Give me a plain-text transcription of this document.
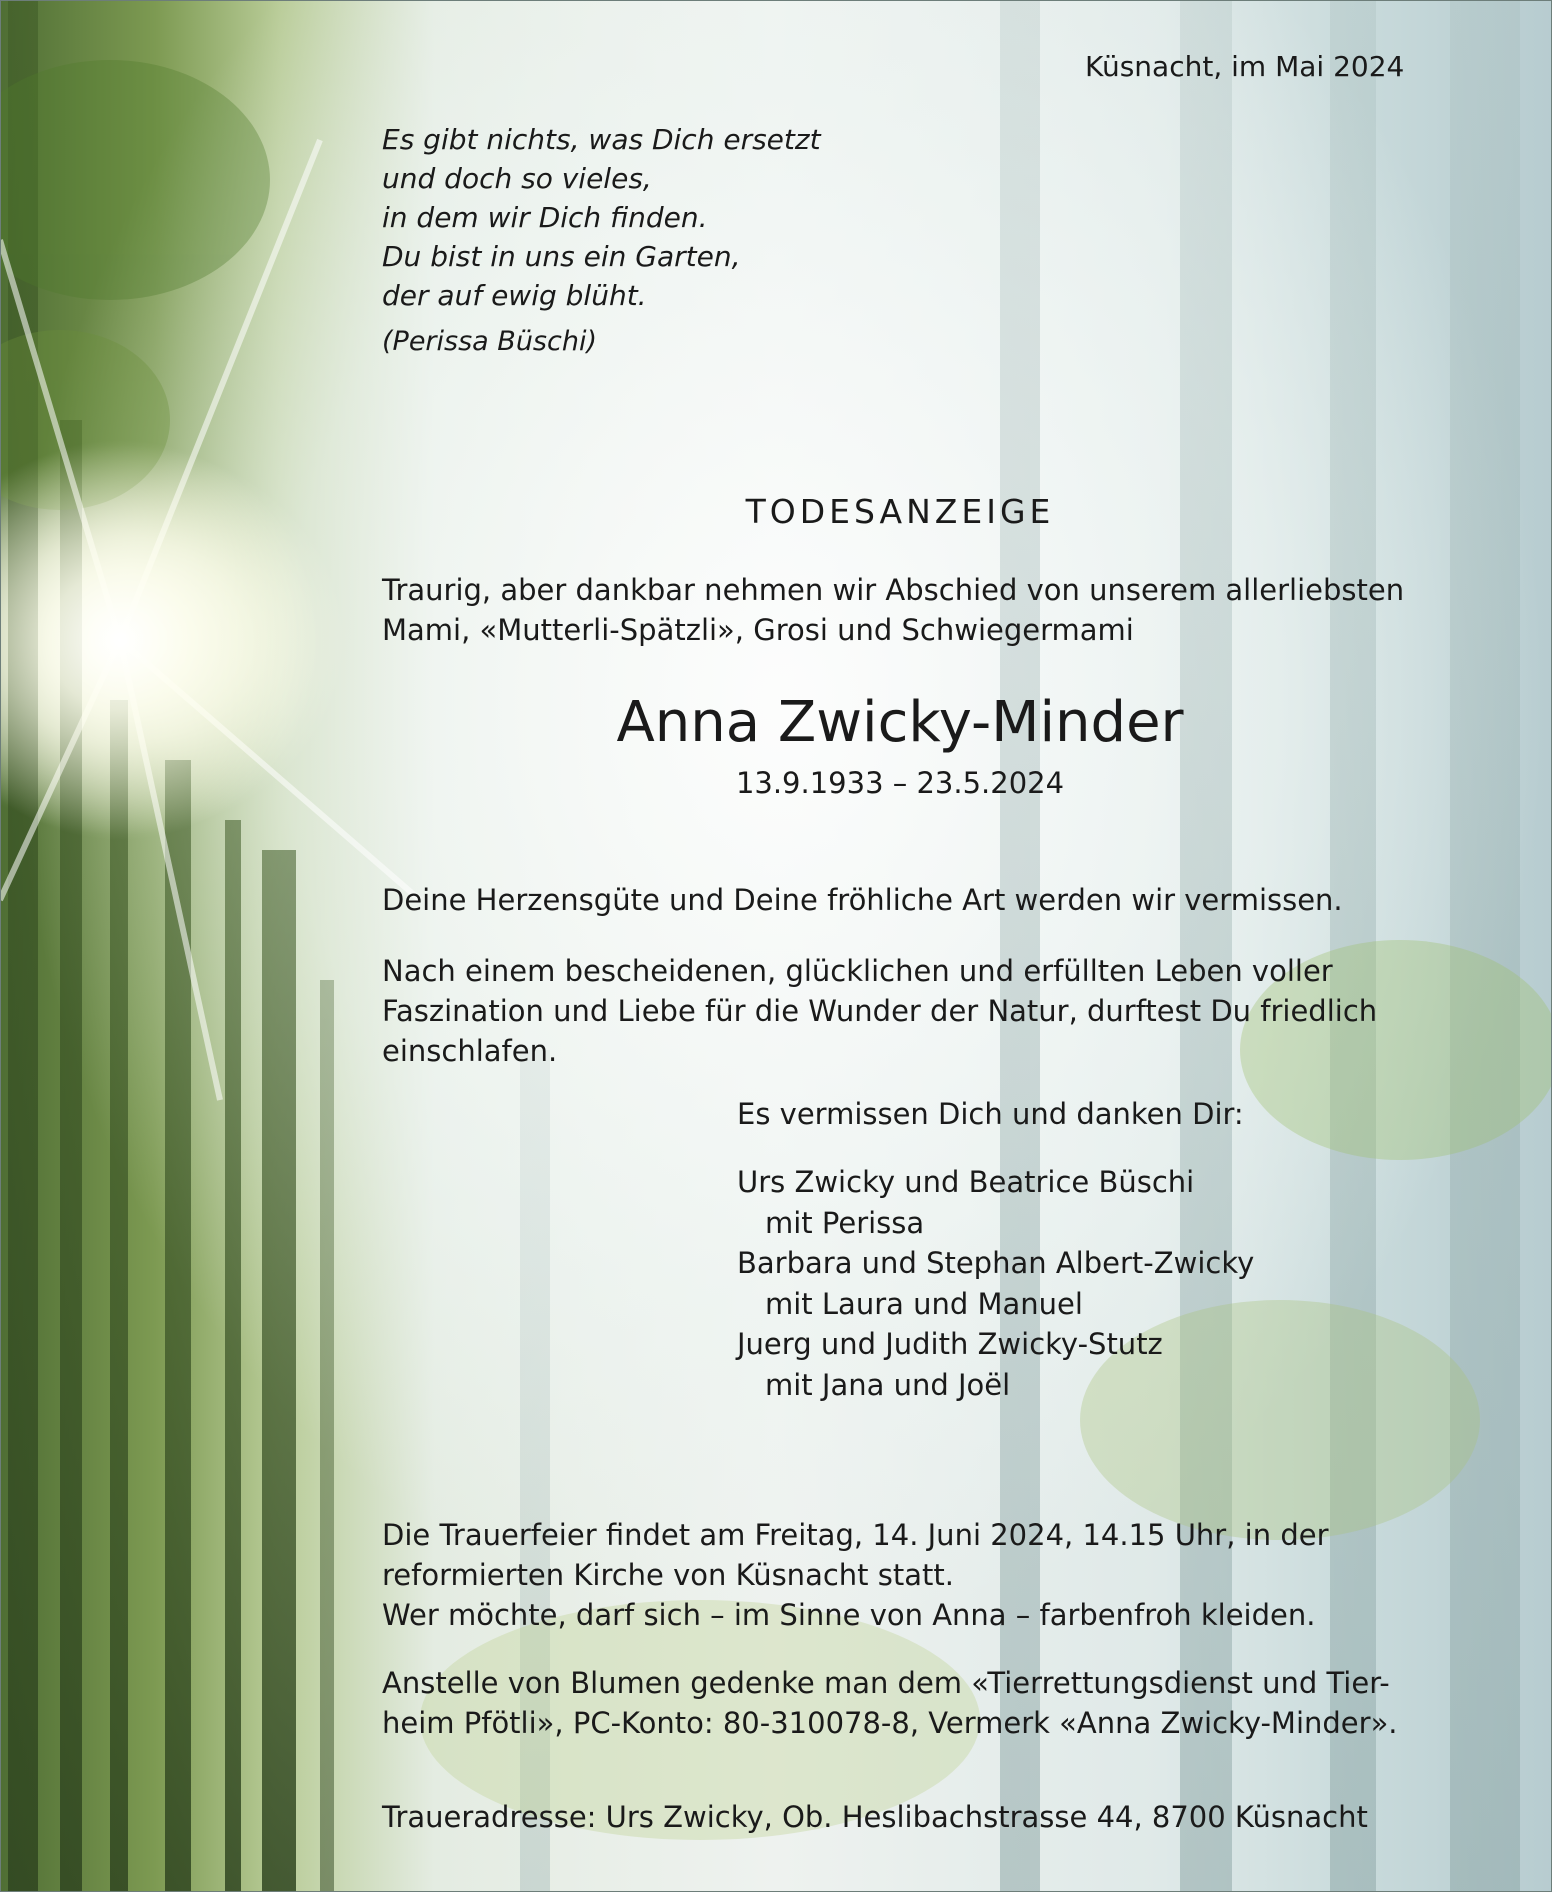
Küsnacht, im Mai 2024

Es gibt nichts, was Dich ersetzt
und doch so vieles,
in dem wir Dich finden.
Du bist in uns ein Garten,
der auf ewig blüht.

(Perissa Büschi)

TODESANZEIGE

Traurig, aber dankbar nehmen wir Abschied von unserem allerliebsten Mami, «Mutterli-Spätzli», Grosi und Schwiegermami

Anna Zwicky-Minder

13.9.1933 – 23.5.2024

Deine Herzensgüte und Deine fröhliche Art werden wir vermissen.

Nach einem bescheidenen, glücklichen und erfüllten Leben voller Faszination und Liebe für die Wunder der Natur, durftest Du friedlich einschlafen.

Es vermissen Dich und danken Dir:

Urs Zwicky und Beatrice Büschi
mit Perissa
Barbara und Stephan Albert-Zwicky
mit Laura und Manuel
Juerg und Judith Zwicky-Stutz
mit Jana und Joël

Die Trauerfeier findet am Freitag, 14. Juni 2024, 14.15 Uhr, in der
reformierten Kirche von Küsnacht statt.
Wer möchte, darf sich – im Sinne von Anna – farbenfroh kleiden.

Anstelle von Blumen gedenke man dem «Tierrettungsdienst und Tier-
heim Pfötli», PC-Konto: 80-310078-8, Vermerk «Anna Zwicky-Minder».

Traueradresse: Urs Zwicky, Ob. Heslibachstrasse 44, 8700 Küsnacht
